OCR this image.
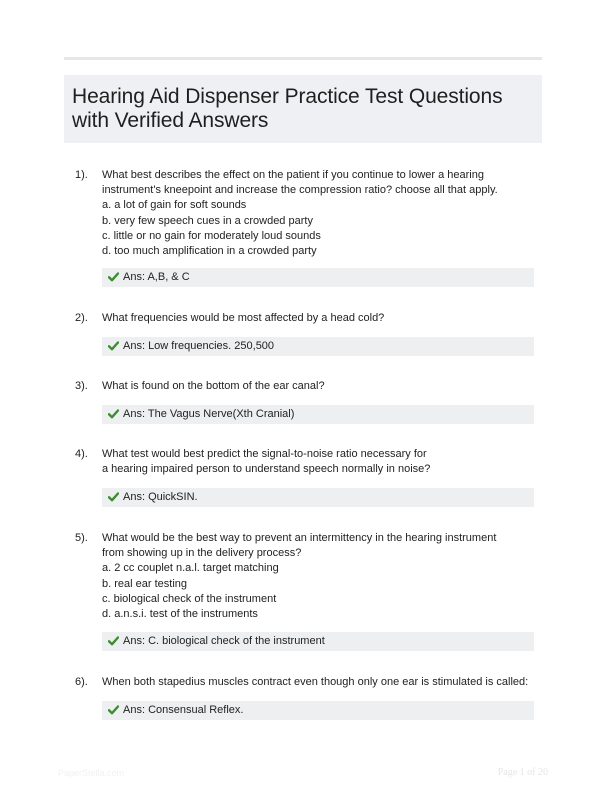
Hearing Aid Dispenser Practice Test Questions
with Verified Answers
1). What best describes the effect on the patient if you continue to lower a hearing
instrument's kneepoint and increase the compression ratio? choose all that apply.
a. a lot of gain for soft sounds
b. very few speech cues in a crowded party
c. little or no gain for moderately loud sounds
d. too much amplification in a crowded party
Ans: A,B, & C
2). What frequencies would be most affected by a head cold?
Ans: Low frequencies. 250,500
3). What is found on the bottom of the ear canal?
Ans: The Vagus Nerve(Xth Cranial)
4). What test would best predict the signal-to-noise ratio necessary for
a hearing impaired person to understand speech normally in noise?
Ans: QuickSIN.
5). What would be the best way to prevent an intermittency in the hearing instrument
from showing up in the delivery process?
a. 2 cc couplet n.a.l. target matching
b. real ear testing
c. biological check of the instrument
d. a.n.s.i. test of the instruments
Ans: C. biological check of the instrument
6). When both stapedius muscles contract even though only one ear is stimulated is called:
Ans: Consensual Reflex.
PaperStella.com	Page 1 of 20
